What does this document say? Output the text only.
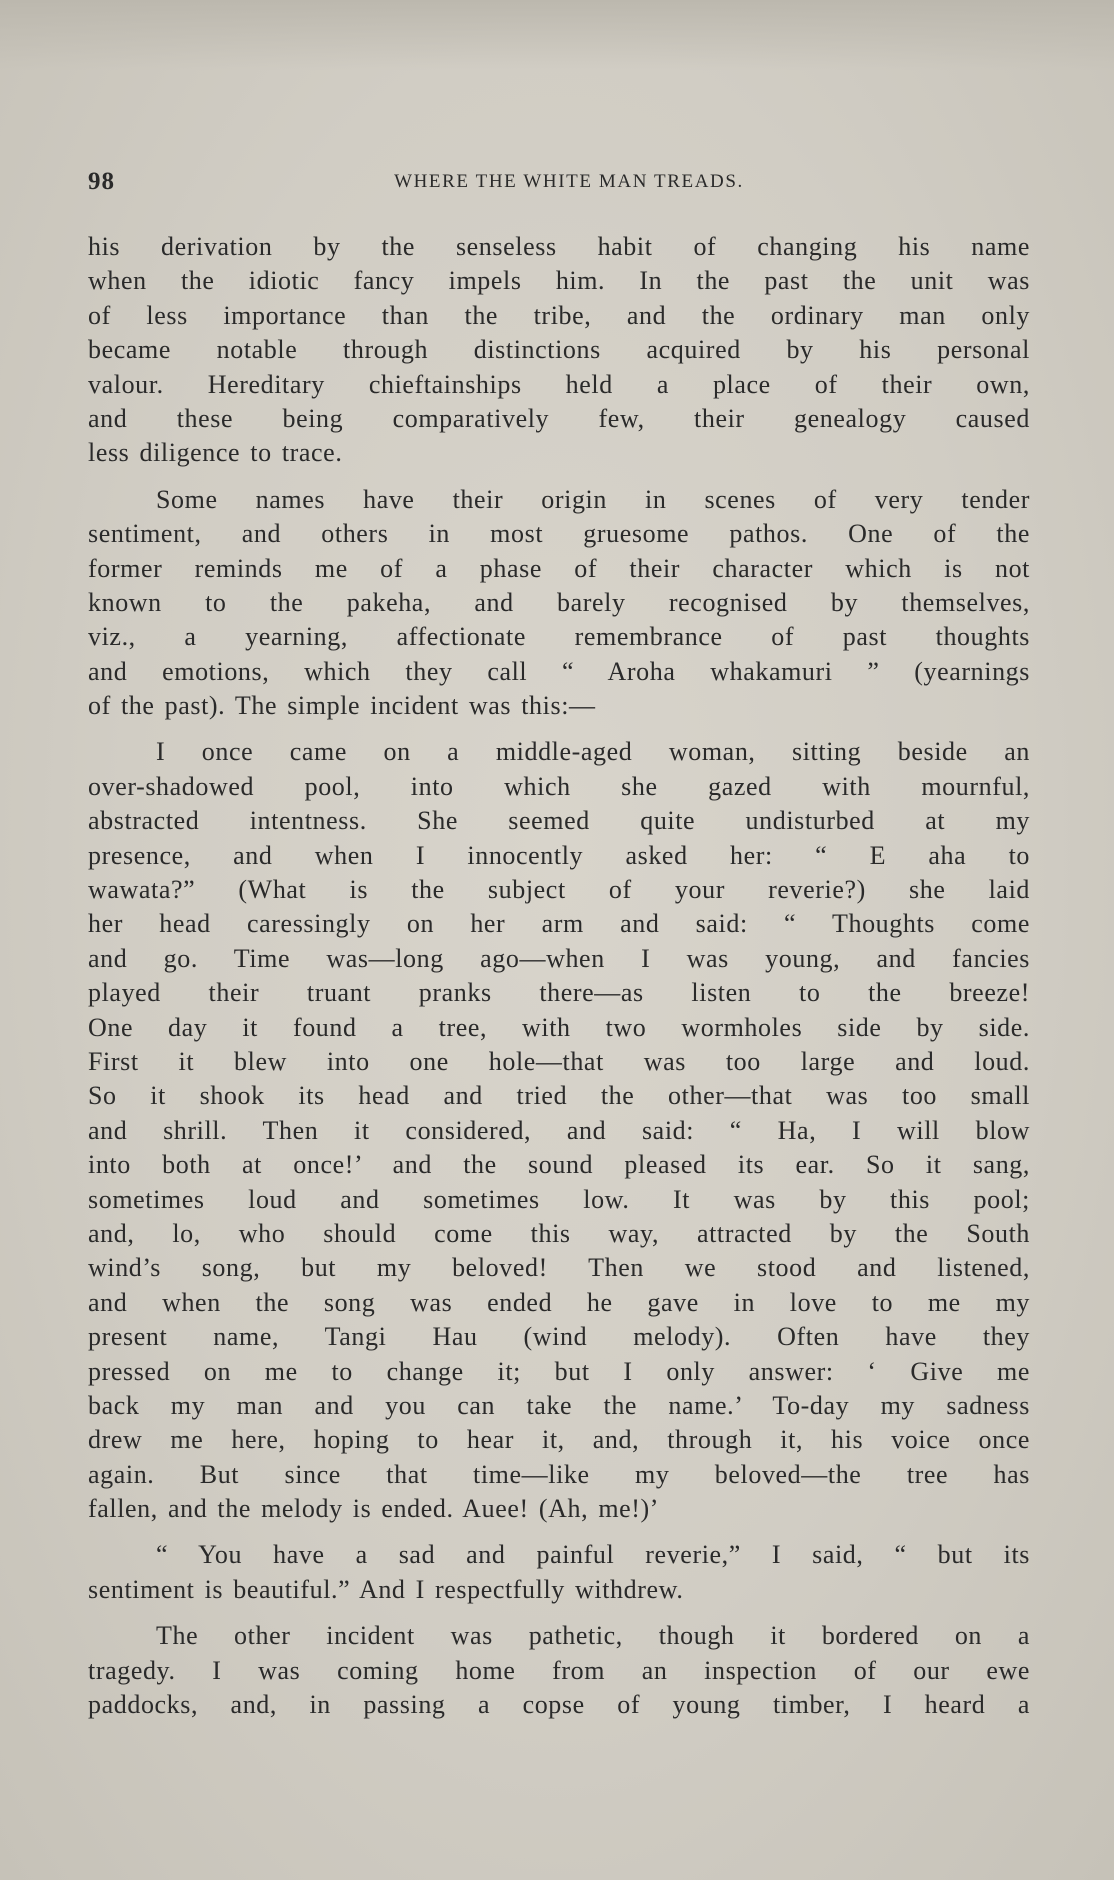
98	WHERE THE WHITE MAN TREADS.
his derivation by the senseless habit of changing his name
when the idiotic fancy impels him. In the past the unit was
of less importance than the tribe, and the ordinary man only
became notable through distinctions acquired by his personal
valour. Hereditary chieftainships held a place of their own,
and these being comparatively few, their genealogy caused
less diligence to trace.
Some names have their origin in scenes of very tender
sentiment, and others in most gruesome pathos. One of the
former reminds me of a phase of their character which is not
known to the pakeha, and barely recognised by themselves,
viz., a yearning, affectionate remembrance of past thoughts
and emotions, which they call “ Aroha whakamuri ” (yearnings
of the past). The simple incident was this:—
I once came on a middle-aged woman, sitting beside an
over-shadowed pool, into which she gazed with mournful,
abstracted intentness. She seemed quite undisturbed at my
presence, and when I innocently asked her: “ E aha to
wawata?” (What is the subject of your reverie?) she laid
her head caressingly on her arm and said: “ Thoughts come
and go. Time was—long ago—when I was young, and fancies
played their truant pranks there—as listen to the breeze!
One day it found a tree, with two wormholes side by side.
First it blew into one hole—that was too large and loud.
So it shook its head and tried the other—that was too small
and shrill. Then it considered, and said: “ Ha, I will blow
into both at once!’ and the sound pleased its ear. So it sang,
sometimes loud and sometimes low. It was by this pool;
and, lo, who should come this way, attracted by the South
wind’s song, but my beloved! Then we stood and listened,
and when the song was ended he gave in love to me my
present name, Tangi Hau (wind melody). Often have they
pressed on me to change it; but I only answer: ‘ Give me
back my man and you can take the name.’ To-day my sadness
drew me here, hoping to hear it, and, through it, his voice once
again. But since that time—like my beloved—the tree has
fallen, and the melody is ended. Auee! (Ah, me!)’
“ You have a sad and painful reverie,” I said, “ but its
sentiment is beautiful.” And I respectfully withdrew.
The other incident was pathetic, though it bordered on a
tragedy. I was coming home from an inspection of our ewe
paddocks, and, in passing a copse of young timber, I heard a
